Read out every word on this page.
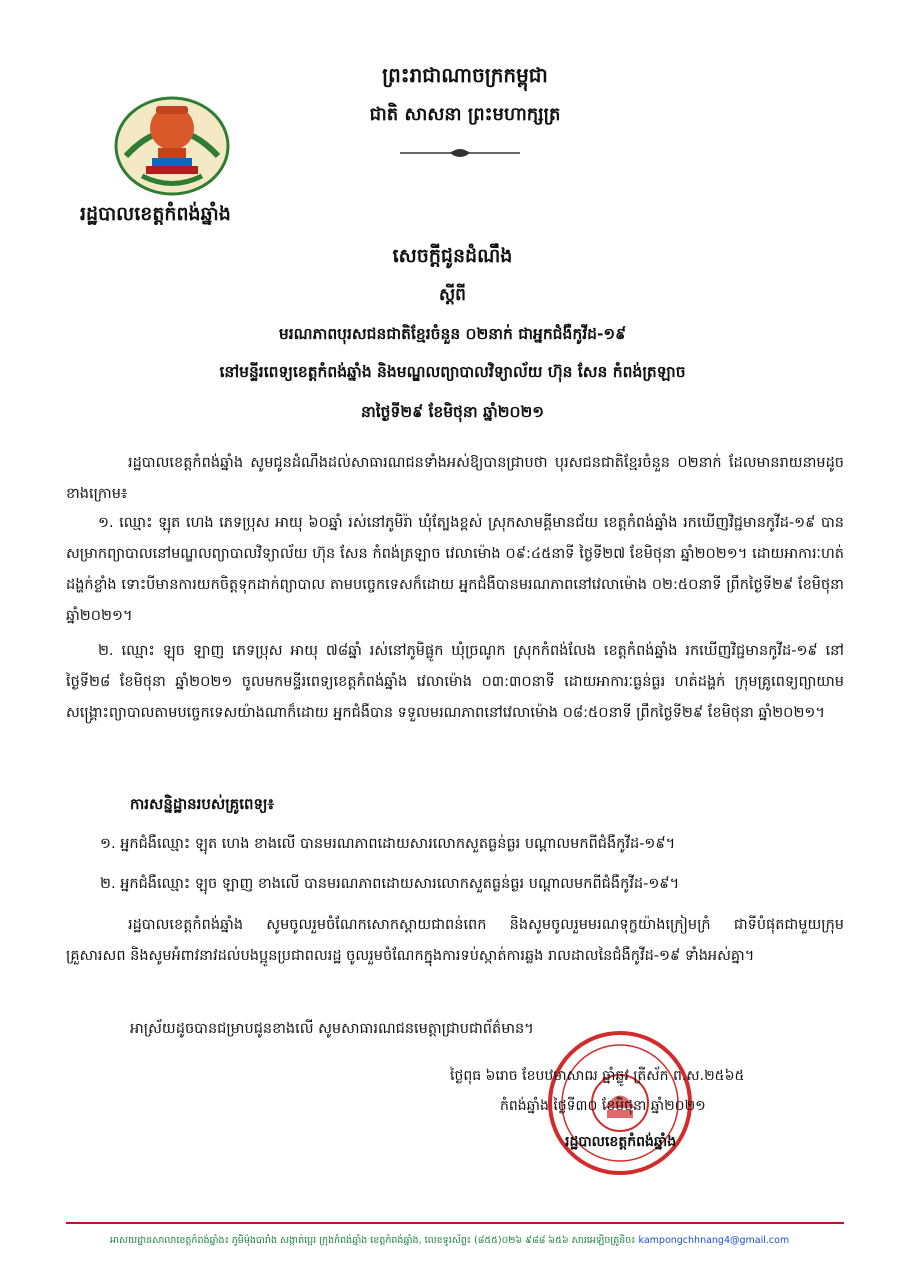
រដ្ឋបាលខេត្តកំពង់ឆ្នាំង
ព្រះរាជាណាចក្រកម្ពុជា
ជាតិ សាសនា ព្រះមហាក្សត្រ
សេចក្តីជូនដំណឹង
ស្តីពី
មរណភាពបុរសជនជាតិខ្មែរចំនួន ០២នាក់ ជាអ្នកជំងឺកូវីដ-១៩
នៅមន្ទីរពេទ្យខេត្តកំពង់ឆ្នាំង និងមណ្ឌលព្យាបាលវិទ្យាល័យ ហ៊ុន សែន កំពង់ត្រឡាច
នាថ្ងៃទី២៩ ខែមិថុនា ឆ្នាំ២០២១
រដ្ឋបាលខេត្តកំពង់ឆ្នាំង សូមជូនដំណឹងដល់សាធារណជនទាំងអស់ឱ្យបានជ្រាបថា បុរសជនជាតិខ្មែរចំនួន ០២នាក់ ដែលមានរាយនាមដូចខាងក្រោម៖
១. ឈ្មោះ ឡុត ហេង ភេទប្រុស អាយុ ៦០ឆ្នាំ រស់នៅភូមិរ៉ា ឃុំត្បែងខ្ពស់ ស្រុកសាមគ្គីមានជ័យ ខេត្តកំពង់ឆ្នាំង រកឃើញវិជ្ជមានកូវីដ-១៩ បានសម្រាកព្យាបាលនៅមណ្ឌលព្យាបាលវិទ្យាល័យ ហ៊ុន សែន កំពង់ត្រឡាច វេលាម៉ោង ០៩:៤៥នាទី ថ្ងៃទី២៧ ខែមិថុនា ឆ្នាំ២០២១។ ដោយអាការៈហត់ដង្ហក់ខ្លាំង ទោះបីមានការយកចិត្តទុកដាក់ព្យាបាល តាមបច្ចេកទេសក៏ដោយ អ្នកជំងឺបានមរណភាពនៅវេលាម៉ោង ០២:៥០នាទី ព្រឹកថ្ងៃទី២៩ ខែមិថុនា ឆ្នាំ២០២១។
២. ឈ្មោះ ឡុច ឡាញ ភេទប្រុស អាយុ ៧៨ឆ្នាំ រស់នៅភូមិផ្លូក ឃុំច្រណូក ស្រុកកំពង់លែង ខេត្តកំពង់ឆ្នាំង រកឃើញវិជ្ជមានកូវីដ-១៩ នៅថ្ងៃទី២៨ ខែមិថុនា ឆ្នាំ២០២១ ចូលមកមន្ទីរពេទ្យខេត្តកំពង់ឆ្នាំង វេលាម៉ោង ០៣:៣០នាទី ដោយអាការៈធ្ងន់ធ្ងរ ហត់ដង្ហក់ ក្រុមគ្រូពេទ្យព្យាយាមសង្គ្រោះព្យាបាលតាមបច្ចេកទេសយ៉ាងណាក៏ដោយ អ្នកជំងឺបាន ទទួលមរណភាពនៅវេលាម៉ោង ០៨:៥០នាទី ព្រឹកថ្ងៃទី២៩ ខែមិថុនា ឆ្នាំ២០២១។
ការសន្និដ្ឋានរបស់គ្រូពេទ្យ៖
១. អ្នកជំងឺឈ្មោះ ឡុត ហេង ខាងលើ បានមរណភាពដោយសារលោកសួតធ្ងន់ធ្ងរ បណ្តាលមកពីជំងឺកូវីដ-១៩។
២. អ្នកជំងឺឈ្មោះ ឡុច ឡាញ ខាងលើ បានមរណភាពដោយសារលោកសួតធ្ងន់ធ្ងរ បណ្តាលមកពីជំងឺកូវីដ-១៩។
រដ្ឋបាលខេត្តកំពង់ឆ្នាំង សូមចូលរួមចំណែកសោកស្តាយជាពន់ពេក និងសូមចូលរួមមរណទុក្ខយ៉ាងក្រៀមក្រំ ជាទីបំផុតជាមួយក្រុមគ្រួសារសព និងសូមអំពាវនាវដល់បងប្អូនប្រជាពលរដ្ឋ ចូលរួមចំណែកក្នុងការទប់ស្កាត់ការឆ្លង រាលដាលនៃជំងឺកូវីដ-១៩ ទាំងអស់គ្នា។
អាស្រ័យដូចបានជម្រាបជូនខាងលើ សូមសាធារណជនមេត្តាជ្រាបជាព័ត៌មាន។
ថ្ងៃពុធ ៦រោច ខែបឋមាសាឍ ឆ្នាំឆ្លូវ ត្រីស័ក ព.ស.២៥៦៥
កំពង់ឆ្នាំង ថ្ងៃទី៣០ ខែមិថុនា ឆ្នាំ២០២១
រដ្ឋបាលខេត្តកំពង់ឆ្នាំង
អាសយដ្ឋានសាលាខេត្តកំពង់ឆ្នាំង៖ ភូមិម៉ុងបារាំង សង្កាត់ប្អេរ ក្រុងកំពង់ឆ្នាំង ខេត្តកំពង់ឆ្នាំង, លេខទូរស័ព្ទ៖ (៨៥៥)០២៦ ៩៨៨ ៦៥៦ សារអេឡិចត្រូនិច៖ kampongchhnang4@gmail.com
